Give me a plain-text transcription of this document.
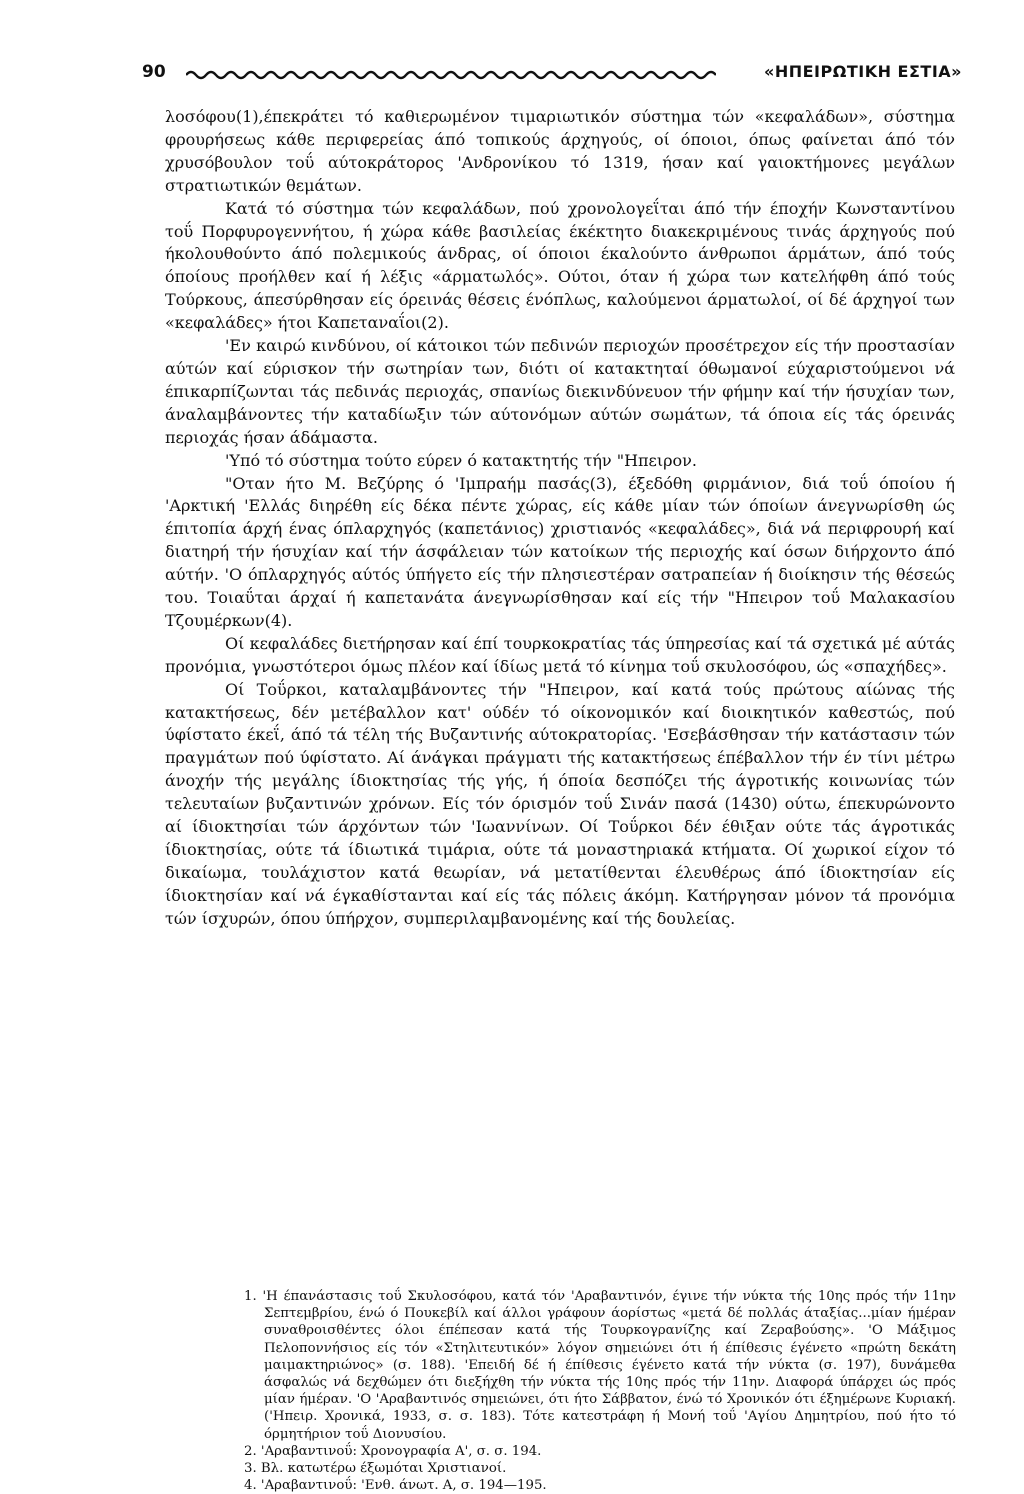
90	«ΗΠΕΙΡΩΤΙΚΗ ΕΣΤΙΑ»

λοσόφου(1),έπεκράτει τό καθιερωμένον τιμαριωτικόν σύστημα τών «κεφαλάδων», σύστημα φρουρήσεως κάθε περιφερείας άπό τοπικούς άρχηγούς, οί όποιοι, όπως φαίνεται άπό τόν χρυσόβουλον τοΰ αύτοκράτορος 'Ανδρονίκου τό 1319, ήσαν καί γαιοκτήμονες μεγάλων στρατιωτικών θεμάτων.

Κατά τό σύστημα τών κεφαλάδων, πού χρονολογεΐται άπό τήν έποχήν Κωνσταντίνου τοΰ Πορφυρογεννήτου, ή χώρα κάθε βασιλείας έκέκτητο διακεκριμένους τινάς άρχηγούς πού ήκολουθούντο άπό πολεμικούς άνδρας, οί όποιοι έκαλούντο άνθρωποι άρμάτων, άπό τούς όποίους προήλθεν καί ή λέξις «άρματωλός». Ούτοι, όταν ή χώρα των κατελήφθη άπό τούς Τούρκους, άπεσύρθησαν είς όρεινάς θέσεις ένόπλως, καλούμενοι άρματωλοί, οί δέ άρχηγοί των «κεφαλάδες» ήτοι Καπεταναΐοι(2).

'Εν καιρώ κινδύνου, οί κάτοικοι τών πεδινών περιοχών προσέτρεχον είς τήν προστασίαν αύτών καί εύρισκον τήν σωτηρίαν των, διότι οί κατακτηταί όθωμανοί εύχαριστούμενοι νά έπικαρπίζωνται τάς πεδινάς περιοχάς, σπανίως διεκινδύνευον τήν φήμην καί τήν ήσυχίαν των, άναλαμβάνοντες τήν καταδίωξιν τών αύτονόμων αύτών σωμάτων, τά όποια είς τάς όρεινάς περιοχάς ήσαν άδάμαστα.

'Υπό τό σύστημα τούτο εύρεν ό κατακτητής τήν "Ηπειρον.

"Οταν ήτο Μ. Βεζύρης ό 'Ιμπραήμ πασάς(3), έξεδόθη φιρμάνιον, διά τοΰ όποίου ή 'Αρκτική 'Ελλάς διηρέθη είς δέκα πέντε χώρας, είς κάθε μίαν τών όποίων άνεγνωρίσθη ώς έπιτοπία άρχή ένας όπλαρχηγός (καπετάνιος) χριστιανός «κεφαλάδες», διά νά περιφρουρή καί διατηρή τήν ήσυχίαν καί τήν άσφάλειαν τών κατοίκων τής περιοχής καί όσων διήρχοντο άπό αύτήν. 'Ο όπλαρχηγός αύτός ύπήγετο είς τήν πλησιεστέραν σατραπείαν ή διοίκησιν τής θέσεώς του. Τοιαΰται άρχαί ή καπετανάτα άνεγνωρίσθησαν καί είς τήν "Ηπειρον τοΰ Μαλακασίου Τζουμέρκων(4).

Οί κεφαλάδες διετήρησαν καί έπί τουρκοκρατίας τάς ύπηρεσίας καί τά σχετικά μέ αύτάς προνόμια, γνωστότεροι όμως πλέον καί ίδίως μετά τό κίνημα τοΰ σκυλοσόφου, ώς «σπαχήδες».

Οί Τοΰρκοι, καταλαμβάνοντες τήν "Ηπειρον, καί κατά τούς πρώτους αίώνας τής κατακτήσεως, δέν μετέβαλλον κατ' ούδέν τό οίκονομικόν καί διοικητικόν καθεστώς, πού ύφίστατο έκεΐ, άπό τά τέλη τής Βυζαντινής αύτοκρατορίας. 'Εσεβάσθησαν τήν κατάστασιν τών πραγμάτων πού ύφίστατο. Αί άνάγκαι πράγματι τής κατακτήσεως έπέβαλλον τήν έν τίνι μέτρω άνοχήν τής μεγάλης ίδιοκτησίας τής γής, ή όποία δεσπόζει τής άγροτικής κοινωνίας τών τελευταίων βυζαντινών χρόνων. Είς τόν όρισμόν τοΰ Σινάν πασά (1430) ούτω, έπεκυρώνοντο αί ίδιοκτησίαι τών άρχόντων τών 'Ιωαννίνων. Οί Τοΰρκοι δέν έθιξαν ούτε τάς άγροτικάς ίδιοκτησίας, ούτε τά ίδιωτικά τιμάρια, ούτε τά μοναστηριακά κτήματα. Οί χωρικοί είχον τό δικαίωμα, τουλάχιστον κατά θεωρίαν, νά μετατίθενται έλευθέρως άπό ίδιοκτησίαν είς ίδιοκτησίαν καί νά έγκαθίστανται καί είς τάς πόλεις άκόμη. Κατήργησαν μόνον τά προνόμια τών ίσχυρών, όπου ύπήρχον, συμπεριλαμβανομένης καί τής δουλείας.

1. 'Η έπανάστασις τοΰ Σκυλοσόφου, κατά τόν 'Αραβαντινόν, έγινε τήν νύκτα τής 10ης πρός τήν 11ην Σεπτεμβρίου, ένώ ό Πουκεβίλ καί άλλοι γράφουν άορίστως «μετά δέ πολλάς άταξίας...μίαν ήμέραν συναθροισθέντες όλοι έπέπεσαν κατά τής Τουρκογρανίζης καί Ζεραβούσης». 'Ο Μάξιμος Πελοποννήσιος είς τόν «Στηλιτευτικόν» λόγον σημειώνει ότι ή έπίθεσις έγένετο «πρώτη δεκάτη μαιμακτηριώνος» (σ. 188). 'Επειδή δέ ή έπίθεσις έγένετο κατά τήν νύκτα (σ. 197), δυνάμεθα άσφαλώς νά δεχθώμεν ότι διεξήχθη τήν νύκτα τής 10ης πρός τήν 11ην. Διαφορά ύπάρχει ώς πρός μίαν ήμέραν. 'Ο 'Αραβαντινός σημειώνει, ότι ήτο Σάββατον, ένώ τό Χρονικόν ότι έξημέρωνε Κυριακή. ('Ηπειρ. Χρονικά, 1933, σ. σ. 183). Τότε κατεστράφη ή Μονή τοΰ 'Αγίου Δημητρίου, πού ήτο τό όρμητήριον τοΰ Διονυσίου.

2. 'Αραβαντινοΰ: Χρονογραφία Α', σ. σ. 194.

3. Βλ. κατωτέρω έξωμόται Χριστιανοί.

4. 'Αραβαντινοΰ: 'Ενθ. άνωτ. Α, σ. 194—195.
